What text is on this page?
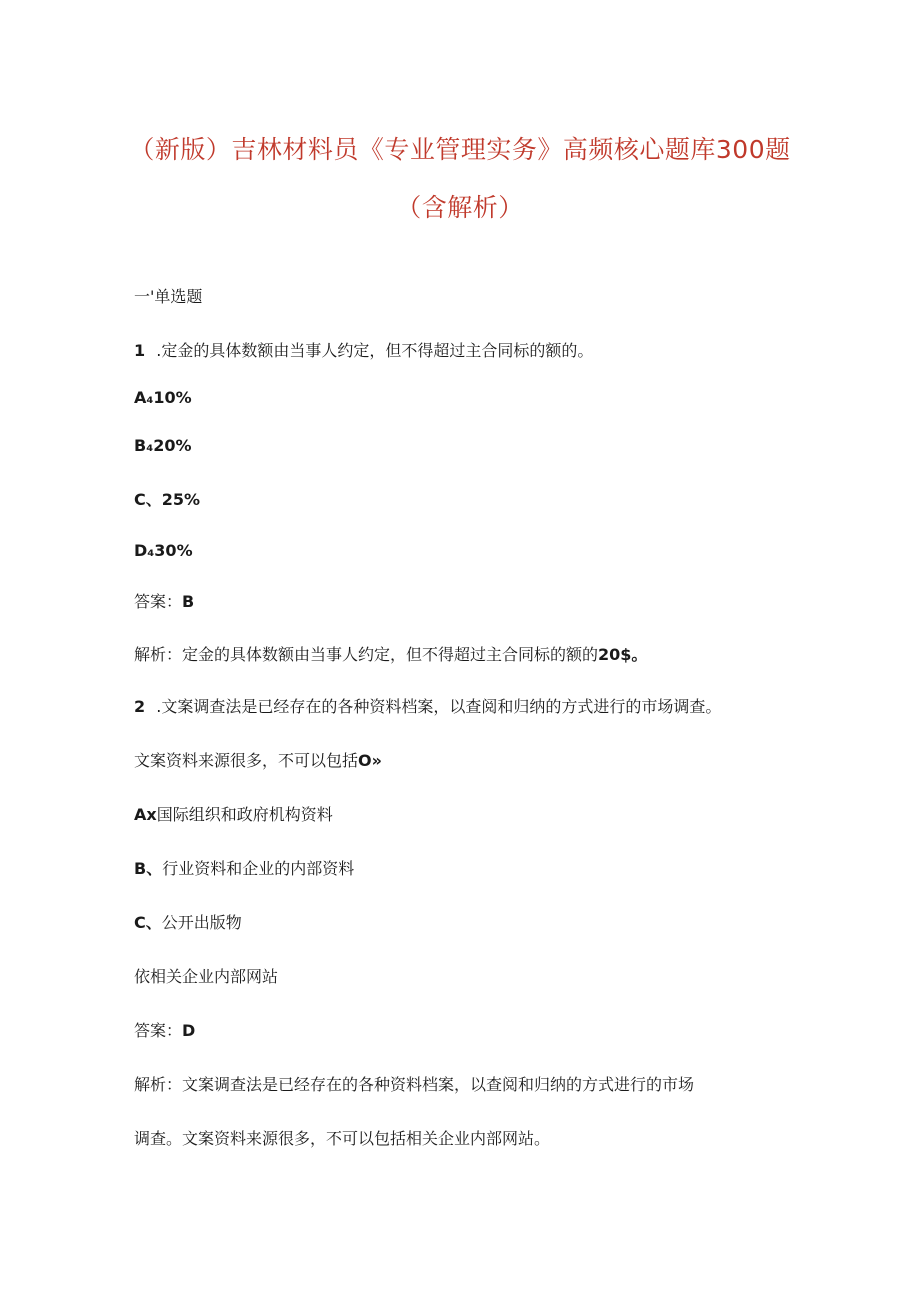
（新版）吉林材料员《专业管理实务》高频核心题库300题
（含解析）
一'单选题
1 .定金的具体数额由当事人约定，但不得超过主合同标的额的。
A₄10%
B₄20%
C、25%
D₄30%
答案：B
解析：定金的具体数额由当事人约定，但不得超过主合同标的额的20$。
2 .文案调查法是已经存在的各种资料档案，以查阅和归纳的方式进行的市场调查。
文案资料来源很多，不可以包括O»
Ax国际组织和政府机构资料
B、行业资料和企业的内部资料
C、公开出版物
依相关企业内部网站
答案：D
解析：文案调查法是已经存在的各种资料档案，以查阅和归纳的方式进行的市场
调查。文案资料来源很多，不可以包括相关企业内部网站。
